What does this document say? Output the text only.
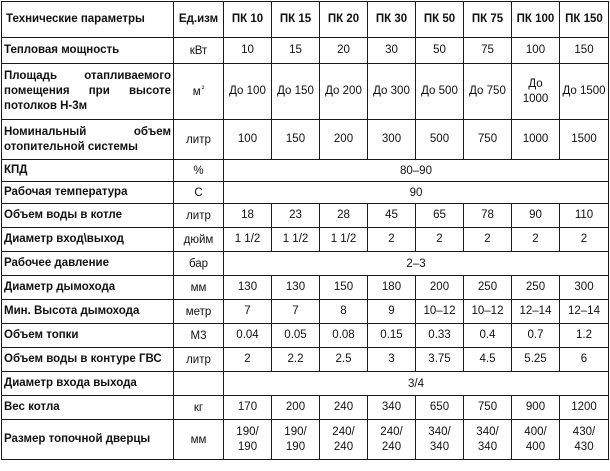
Технические параметры	Ед.изм	ПК 10	ПК 15	ПК 20	ПК 30	ПК 50	ПК 75	ПК 100	ПК 150
Тепловая мощность	кВт	10	15	20	30	50	75	100	150
Площадь отапливаемого помещения при высоте потолков Н-3м	$м^{^2}$	До 100	До 150	До 200	До 300	До 500	До 750	До 1000	До 1500
Номинальный объем отопительной системы	литр	100	150	200	300	500	750	1000	1500
КПД	%	80–90							
Рабочая температура	С	90							
Объем воды в котле	литр	18	23	28	45	65	78	90	110
Диаметр вход\выход	дюйм	1 1/2	1 1/2	1 1/2	2	2	2	2	2
Рабочее давление	бар	2–3							
Диаметр дымохода	мм	130	130	150	180	200	250	250	300
Мин. Высота дымохода	метр	7	7	8	9	10–12	10–12	12–14	12–14
Объем топки	М3	0.04	0.05	0.08	0.15	0.33	0.4	0.7	1.2
Объем воды в контуре ГВС	литр	2	2.2	2.5	3	3.75	4.5	5.25	6
Диаметр входа выхода		3/4							
Вес котла	кг	170	200	240	340	650	750	900	1200
Размер топочной дверцы	мм	190/ 190	190/ 190	240/ 240	240/ 240	340/ 340	340/ 340	400/ 400	430/ 430
